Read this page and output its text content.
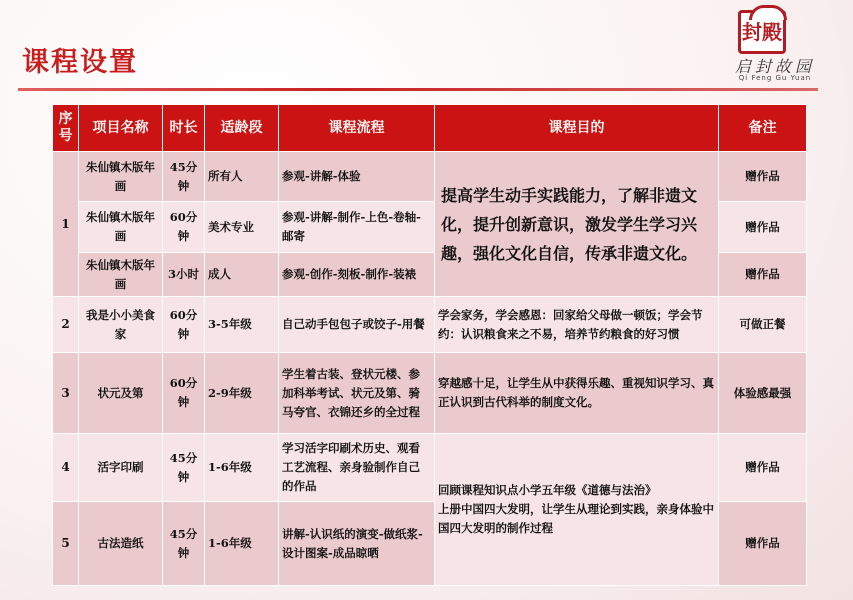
课程设置
封殿
启封故园
Qi Feng Gu Yuan
序号	项目名称	时长	适龄段	课程流程	课程目的	备注
1	朱仙镇木版年画	45分钟	所有人	参观-讲解-体验	提高学生动手实践能力，了解非遗文化，提升创新意识，激发学生学习兴趣，强化文化自信，传承非遗文化。	赠作品
	朱仙镇木版年画	60分钟	美术专业	参观-讲解-制作-上色-卷轴-邮寄		赠作品
	朱仙镇木版年画	3小时	成人	参观-创作-刻板-制作-装裱		赠作品
2	我是小小美食家	60分钟	3-5年级	自己动手包包子或饺子-用餐	学会家务，学会感恩：回家给父母做一顿饭；学会节约：认识粮食来之不易，培养节约粮食的好习惯	可做正餐
3	状元及第	60分钟	2-9年级	学生着古装、登状元楼、参加科举考试、状元及第、骑马夸官、衣锦还乡的全过程	穿越感十足，让学生从中获得乐趣、重视知识学习、真正认识到古代科举的制度文化。	体验感最强
4	活字印刷	45分钟	1-6年级	学习活字印刷术历史、观看工艺流程、亲身验制作自己的作品	回顾课程知识点小学五年级《道德与法治》
上册中国四大发明，让学生从理论到实践，亲身体验中国四大发明的制作过程	赠作品
5	古法造纸	45分钟	1-6年级	讲解-认识纸的演变-做纸浆-设计图案-成品晾晒		赠作品
